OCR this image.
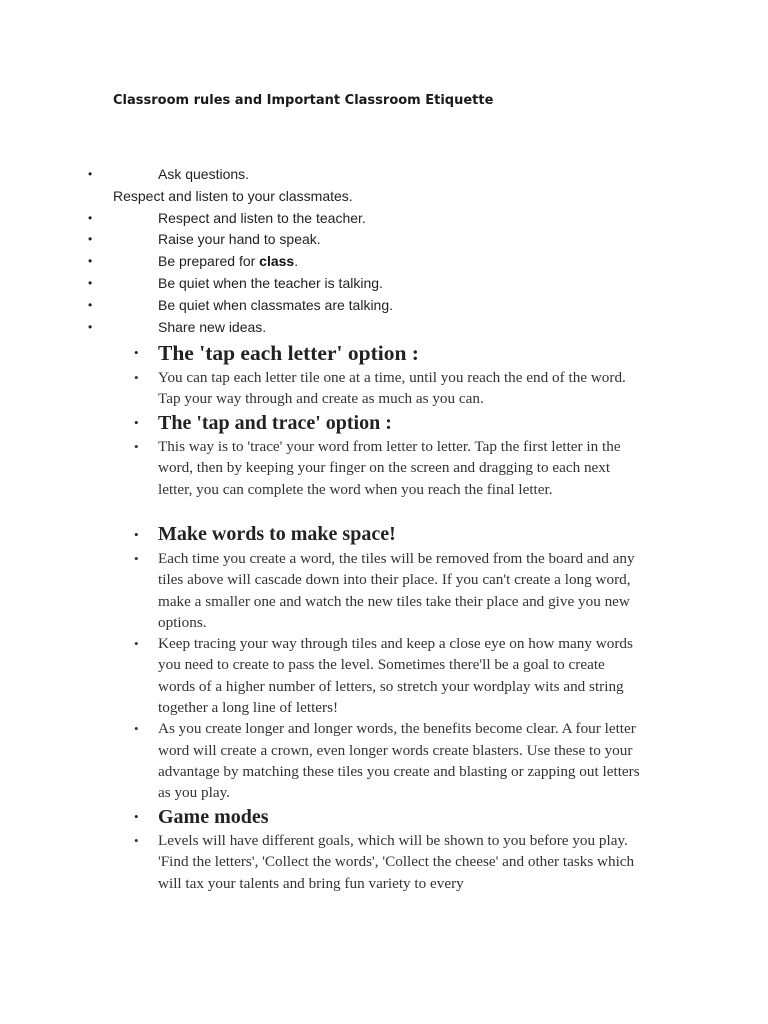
Classroom rules and Important Classroom Etiquette
•	Ask questions.
Respect and listen to your classmates.
•	Respect and listen to the teacher.
•	Raise your hand to speak.
•	Be prepared for class.
•	Be quiet when the teacher is talking.
•	Be quiet when classmates are talking.
•	Share new ideas.
• The 'tap each letter' option :
• You can tap each letter tile one at a time, until you reach the end of the word. Tap your way through and create as much as you can.
• The 'tap and trace' option :
• This way is to 'trace' your word from letter to letter. Tap the first letter in the word, then by keeping your finger on the screen and dragging to each next letter, you can complete the word when you reach the final letter.
• Make words to make space!
• Each time you create a word, the tiles will be removed from the board and any tiles above will cascade down into their place. If you can't create a long word, make a smaller one and watch the new tiles take their place and give you new options.
• Keep tracing your way through tiles and keep a close eye on how many words you need to create to pass the level. Sometimes there'll be a goal to create words of a higher number of letters, so stretch your wordplay wits and string together a long line of letters!
• As you create longer and longer words, the benefits become clear. A four letter word will create a crown, even longer words create blasters. Use these to your advantage by matching these tiles you create and blasting or zapping out letters as you play.
• Game modes
• Levels will have different goals, which will be shown to you before you play. 'Find the letters', 'Collect the words', 'Collect the cheese' and other tasks which will tax your talents and bring fun variety to every
